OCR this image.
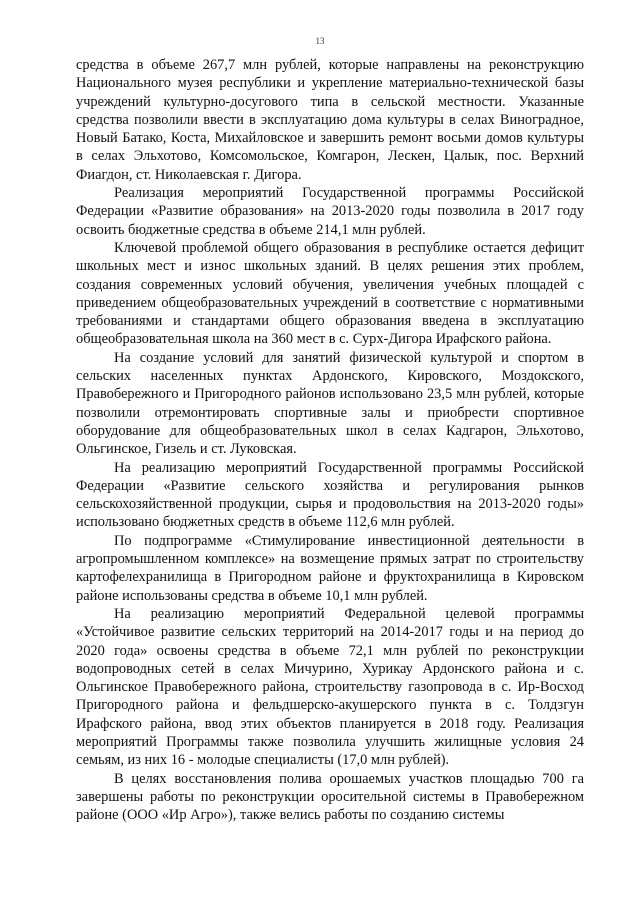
13

средства в объеме 267,7 млн рублей, которые направлены на реконструкцию Национального музея республики и укрепление материально-технической базы учреждений культурно-досугового типа в сельской местности. Указанные средства позволили ввести в эксплуатацию дома культуры в селах Виноградное, Новый Батако, Коста, Михайловское и завершить ремонт восьми домов культуры в селах Эльхотово, Комсомольское, Комгарон, Лескен, Цалык, пос. Верхний Фиагдон, ст. Николаевская г. Дигора.

Реализация мероприятий Государственной программы Российской Федерации «Развитие образования» на 2013-2020 годы позволила в 2017 году освоить бюджетные средства в объеме 214,1 млн рублей.

Ключевой проблемой общего образования в республике остается дефицит школьных мест и износ школьных зданий. В целях решения этих проблем, создания современных условий обучения, увеличения учебных площадей с приведением общеобразовательных учреждений в соответствие с нормативными требованиями и стандартами общего образования введена в эксплуатацию общеобразовательная школа на 360 мест в с. Сурх-Дигора Ирафского района.

На создание условий для занятий физической культурой и спортом в сельских населенных пунктах Ардонского, Кировского, Моздокского, Правобережного и Пригородного районов использовано 23,5 млн рублей, которые позволили отремонтировать спортивные залы и приобрести спортивное оборудование для общеобразовательных школ в селах Кадгарон, Эльхотово, Ольгинское, Гизель и ст. Луковская.

На реализацию мероприятий Государственной программы Российской Федерации «Развитие сельского хозяйства и регулирования рынков сельскохозяйственной продукции, сырья и продовольствия на 2013-2020 годы» использовано бюджетных средств в объеме 112,6 млн рублей.

По подпрограмме «Стимулирование инвестиционной деятельности в агропромышленном комплексе» на возмещение прямых затрат по строительству картофелехранилища в Пригородном районе и фруктохранилища в Кировском районе использованы средства в объеме 10,1 млн рублей.

На реализацию мероприятий Федеральной целевой программы «Устойчивое развитие сельских территорий на 2014-2017 годы и на период до 2020 года» освоены средства в объеме 72,1 млн рублей по реконструкции водопроводных сетей в селах Мичурино, Хурикау Ардонского района и с. Ольгинское Правобережного района, строительству газопровода в с. Ир-Восход Пригородного района и фельдшерско-акушерского пункта в с. Толдзгун Ирафского района, ввод этих объектов планируется в 2018 году. Реализация мероприятий Программы также позволила улучшить жилищные условия 24 семьям, из них 16 - молодые специалисты (17,0 млн рублей).

В целях восстановления полива орошаемых участков площадью 700 га завершены работы по реконструкции оросительной системы в Правобережном районе (ООО «Ир Агро»), также велись работы по созданию системы
